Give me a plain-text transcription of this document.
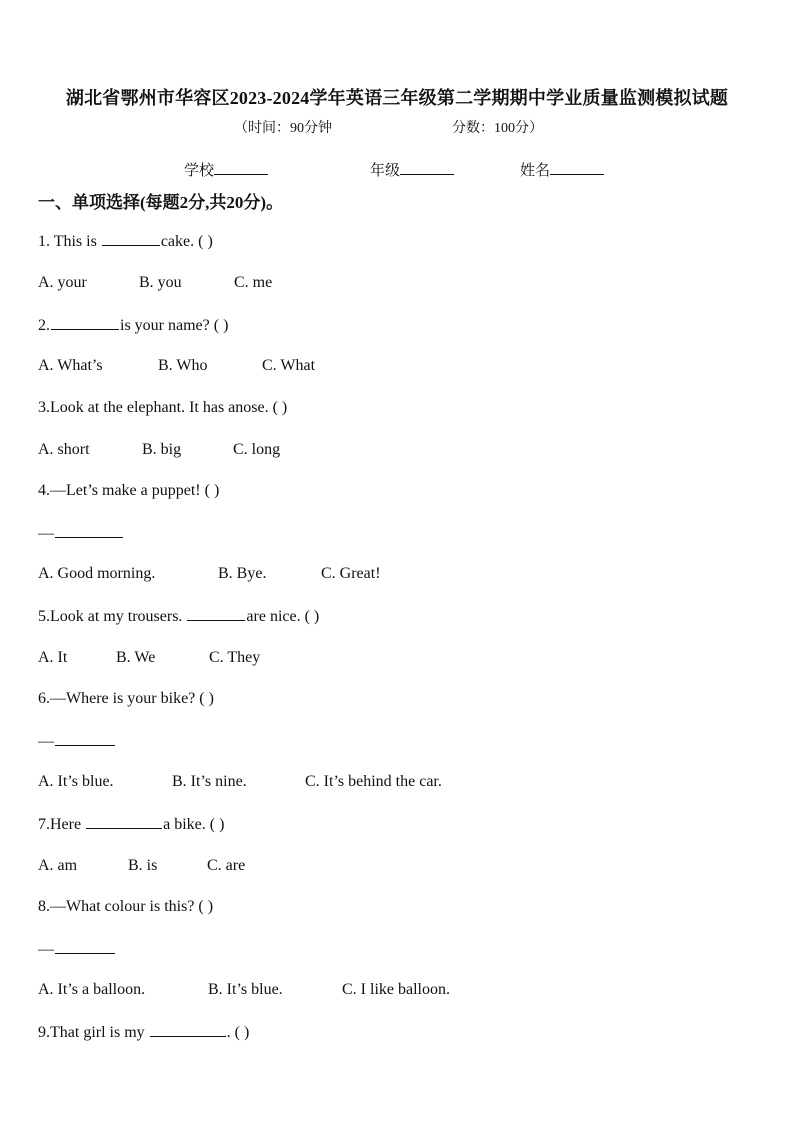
湖北省鄂州市华容区2023-2024学年英语三年级第二学期期中学业质量监测模拟试题
（时间：90分钟	分数：100分）
学校	年级	姓名
一、单项选择(每题2分,共20分)。
1. This is	cake. ( )
A. your	B. you	C. me
2.	is your name? ( )
A. What’s	B. Who	C. What
3.Look at the elephant. It has anose. ( )
A. short	B. big	C. long
4.—Let’s make a puppet! ( )
—
A. Good morning.	B. Bye.	C. Great!
5.Look at my trousers.	are nice. ( )
A. It	B. We	C. They
6.—Where is your bike? ( )
—
A. It’s blue.	B. It’s nine.	C. It’s behind the car.
7.Here	a bike. ( )
A. am	B. is	C. are
8.—What colour is this? ( )
—
A. It’s a balloon.	B. It’s blue.	C. I like balloon.
9.That girl is my	. ( )
